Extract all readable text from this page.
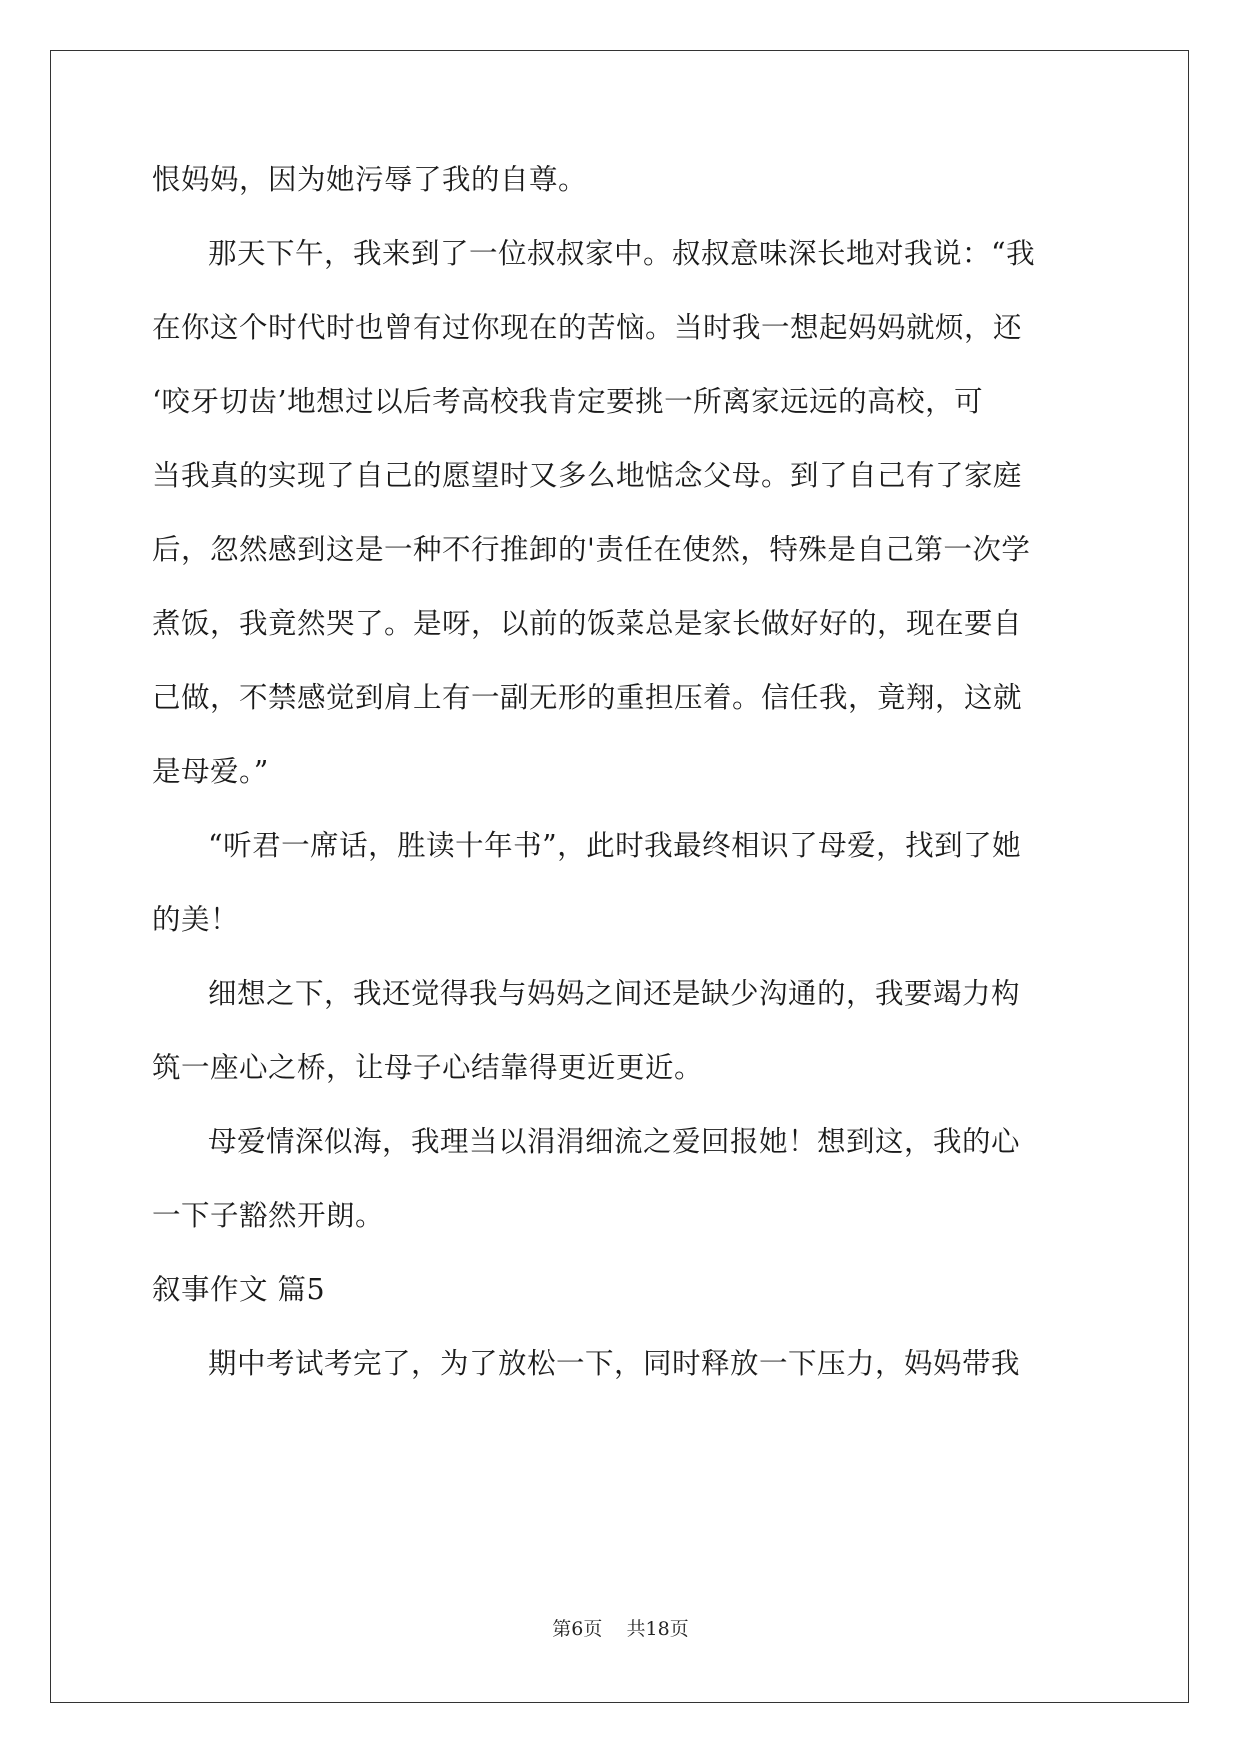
恨妈妈，因为她污辱了我的自尊。
那天下午，我来到了一位叔叔家中。叔叔意味深长地对我说：“我
在你这个时代时也曾有过你现在的苦恼。当时我一想起妈妈就烦，还
‘咬牙切齿’地想过以后考高校我肯定要挑一所离家远远的高校，可
当我真的实现了自己的愿望时又多么地惦念父母。到了自己有了家庭
后，忽然感到这是一种不行推卸的'责任在使然，特殊是自己第一次学
煮饭，我竟然哭了。是呀，以前的饭菜总是家长做好好的，现在要自
己做，不禁感觉到肩上有一副无形的重担压着。信任我，竟翔，这就
是母爱。”
“听君一席话，胜读十年书”，此时我最终相识了母爱，找到了她
的美！
细想之下，我还觉得我与妈妈之间还是缺少沟通的，我要竭力构
筑一座心之桥，让母子心结靠得更近更近。
母爱情深似海，我理当以涓涓细流之爱回报她！想到这，我的心
一下子豁然开朗。
叙事作文 篇5
期中考试考完了，为了放松一下，同时释放一下压力，妈妈带我
第6页 共18页
